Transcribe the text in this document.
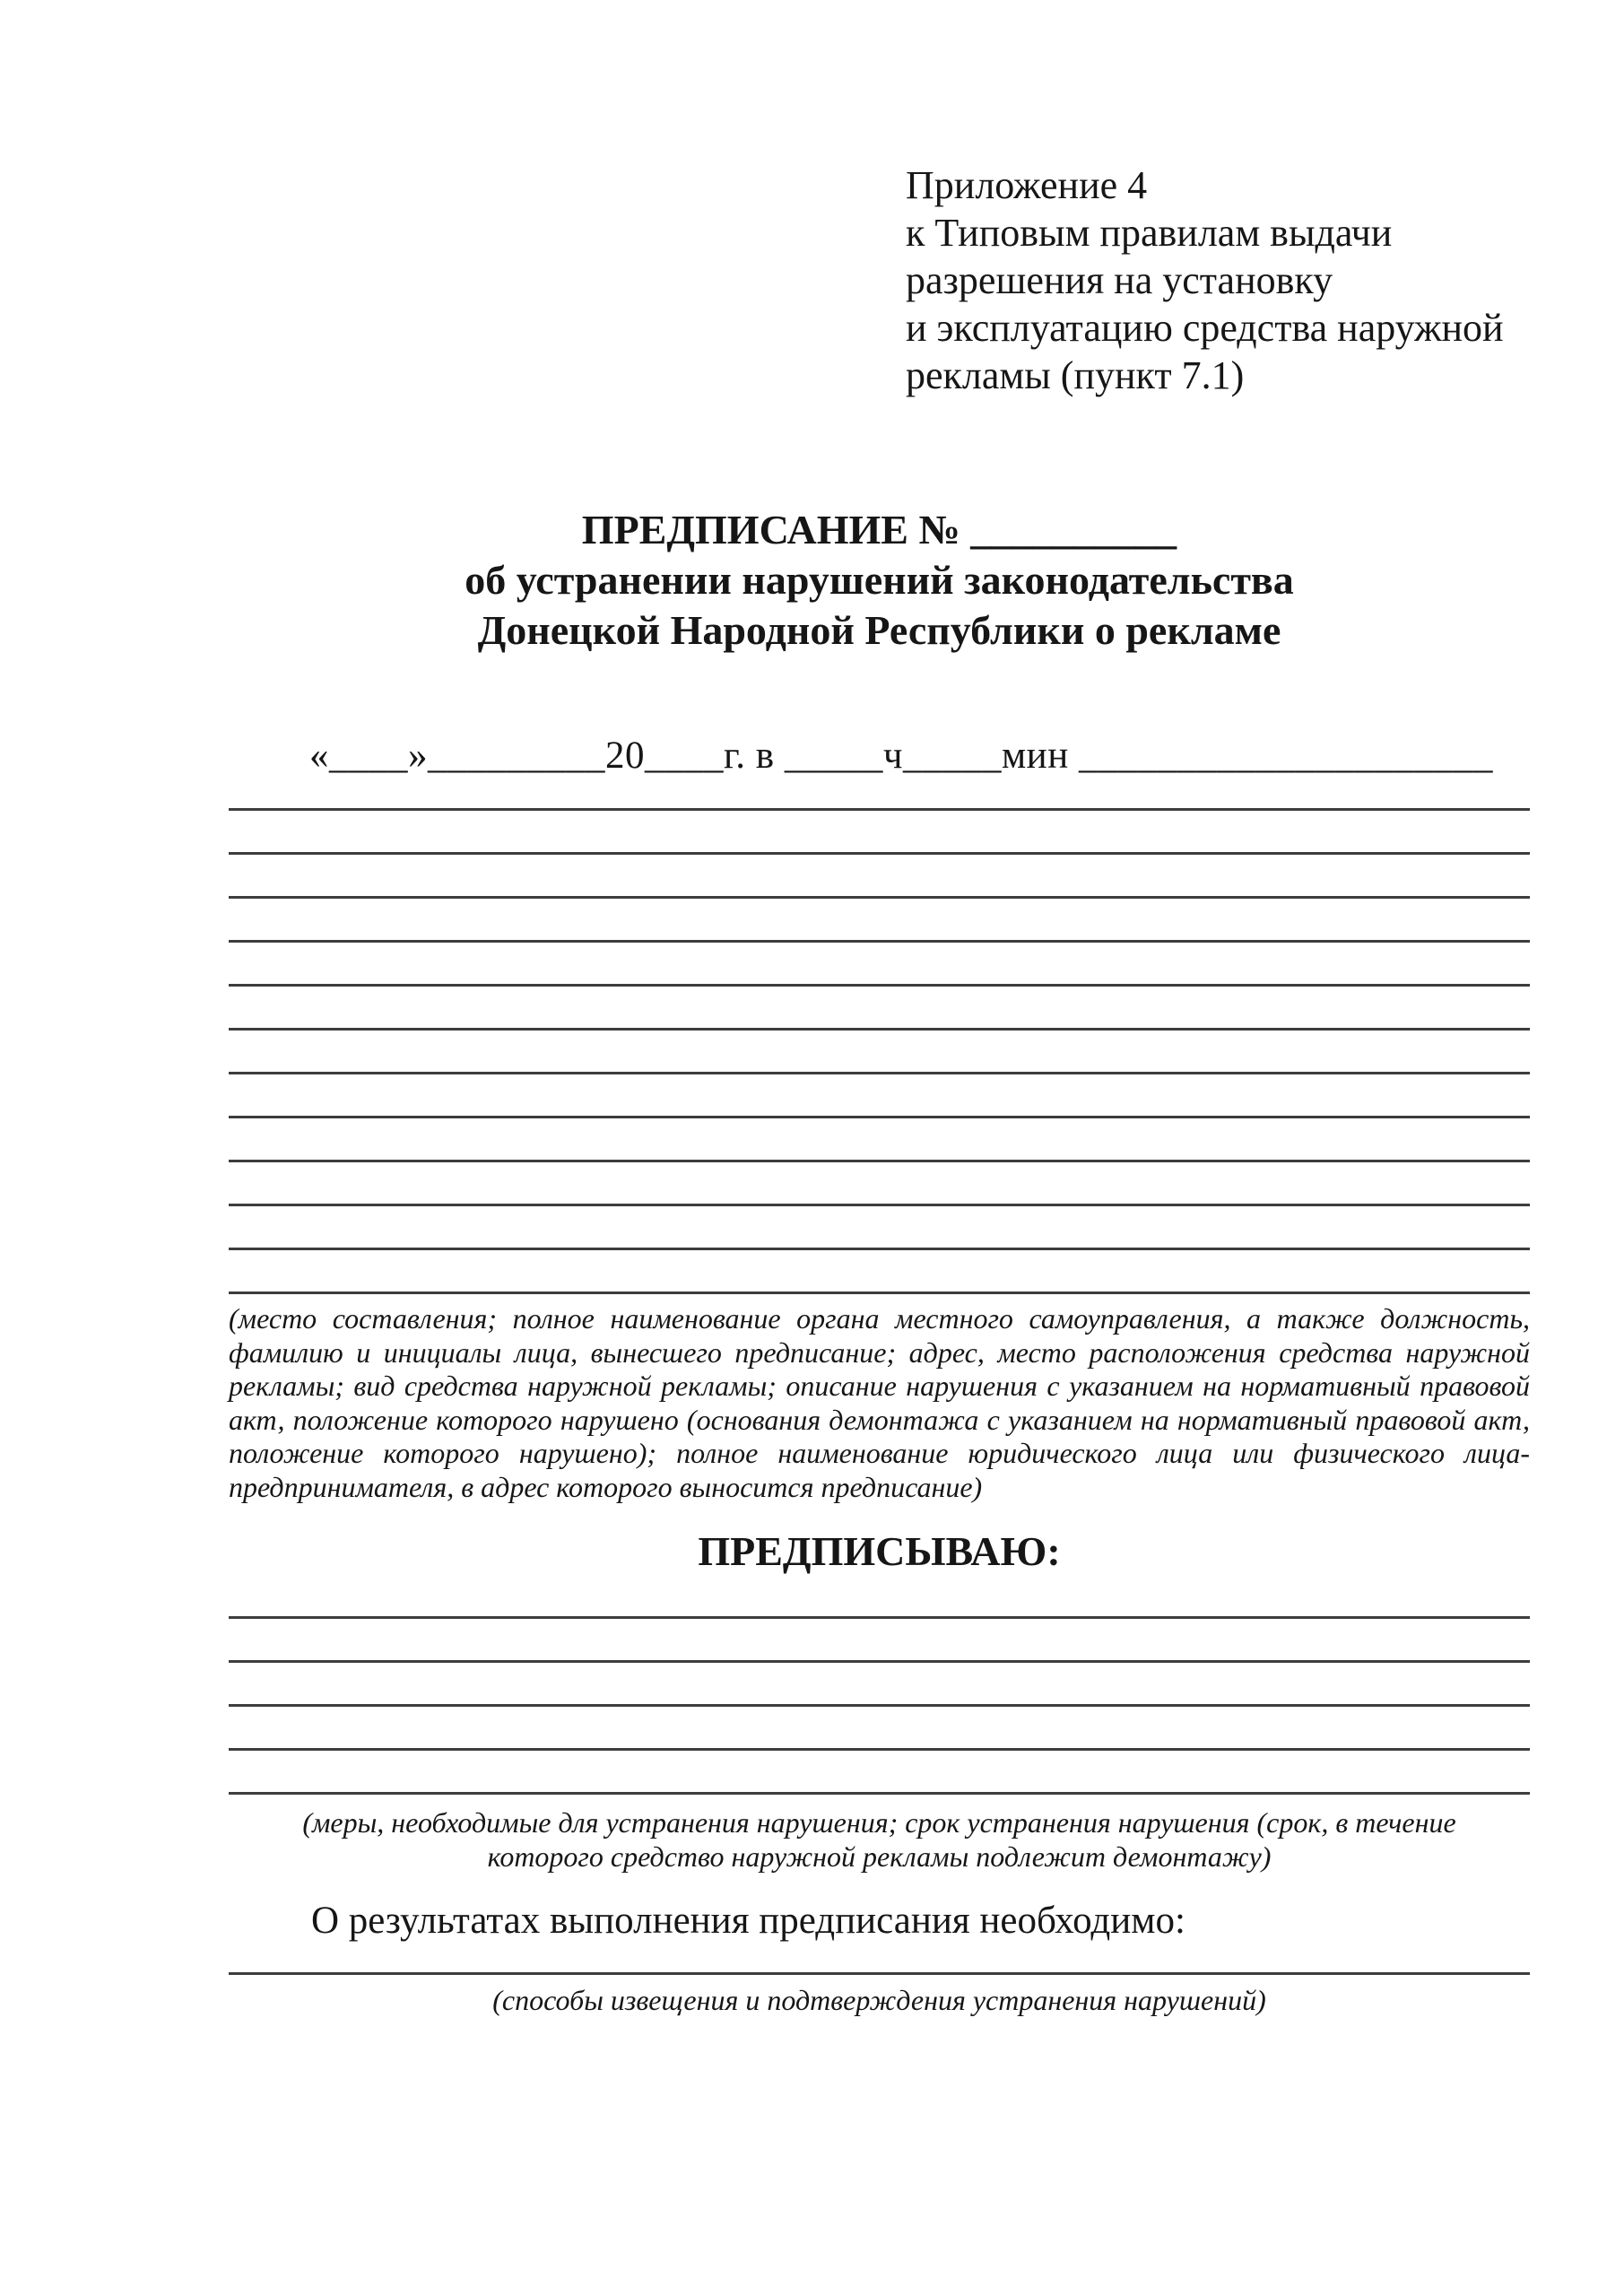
Приложение 4
к Типовым правилам выдачи
разрешения на установку
и эксплуатацию средства наружной
рекламы (пункт 7.1)
ПРЕДПИСАНИЕ № __________
об устранении нарушений законодательства
Донецкой Народной Республики о рекламе
«____»_________20____г. в _____ч_____мин _____________________

(место составления; полное наименование органа местного самоуправления, а также должность, фамилию и инициалы лица, вынесшего предписание; адрес, место расположения средства наружной рекламы; вид средства наружной рекламы; описание нарушения с указанием на нормативный правовой акт, положение которого нарушено (основания демонтажа с указанием на нормативный правовой акт, положение которого нарушено); полное наименование юридического лица или физического лица-предпринимателя, в адрес которого выносится предписание)

ПРЕДПИСЫВАЮ:

(меры, необходимые для устранения нарушения; срок устранения нарушения (срок, в течение которого средство наружной рекламы подлежит демонтажу)

О результатах выполнения предписания необходимо:

(способы извещения и подтверждения устранения нарушений)
